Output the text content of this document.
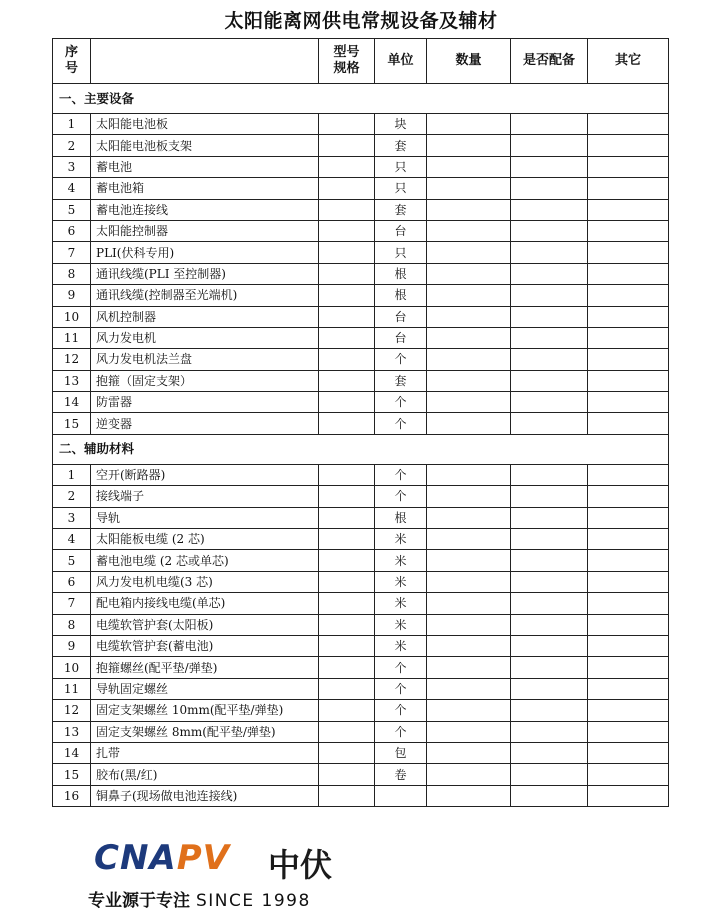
太阳能离网供电常规设备及辅材
序号		型号规格	单位	数量	是否配备	其它
一、主要设备						
1	太阳能电池板		块			
2	太阳能电池板支架		套			
3	蓄电池		只			
4	蓄电池箱		只			
5	蓄电池连接线		套			
6	太阳能控制器		台			
7	PLI(伏科专用)		只			
8	通讯线缆(PLI 至控制器)		根			
9	通讯线缆(控制器至光端机)		根			
10	风机控制器		台			
11	风力发电机		台			
12	风力发电机法兰盘		个			
13	抱箍（固定支架）		套			
14	防雷器		个			
15	逆变器		个			
二、辅助材料						
1	空开(断路器)		个			
2	接线端子		个			
3	导轨		根			
4	太阳能板电缆 (2 芯)		米			
5	蓄电池电缆 (2 芯或单芯)		米			
6	风力发电机电缆(3 芯)		米			
7	配电箱内接线电缆(单芯)		米			
8	电缆软管护套(太阳板)		米			
9	电缆软管护套(蓄电池)		米			
10	抱箍螺丝(配平垫/弹垫)		个			
11	导轨固定螺丝		个			
12	固定支架螺丝 10mm(配平垫/弹垫)		个			
13	固定支架螺丝 8mm(配平垫/弹垫)		个			
14	扎带		包			
15	胶布(黑/红)		卷			
16	铜鼻子(现场做电池连接线)					
CNAPV 中伏
专业源于专注 SINCE 1998
